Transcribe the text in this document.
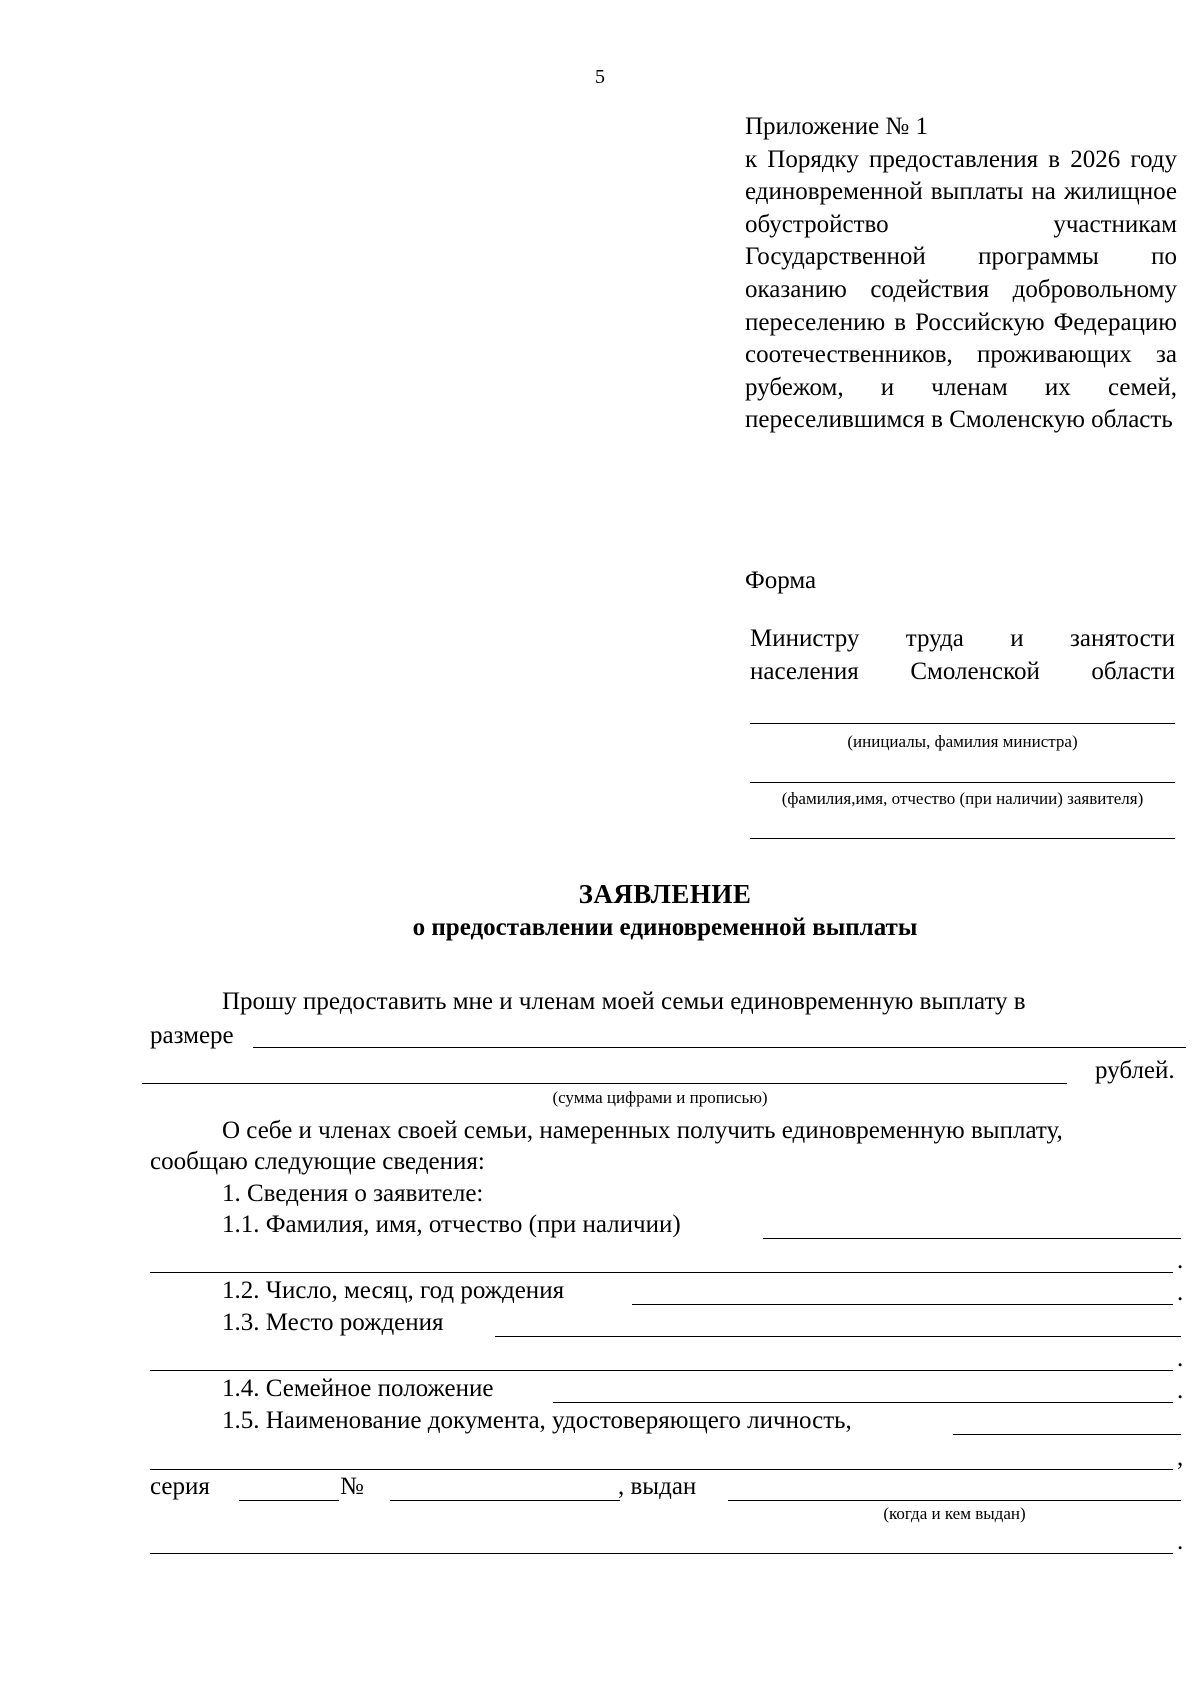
5
Приложение № 1
к Порядку предоставления в 2026 году единовременной выплаты на жилищное обустройство участникам Государственной программы по оказанию содействия добровольному переселению в Российскую Федерацию соотечественников, проживающих за рубежом, и членам их семей, переселившимся в Смоленскую область
Форма
Министру труда и занятости
населения Смоленской области
(инициалы, фамилия министра)
(фамилия,имя, отчество (при наличии) заявителя)
ЗАЯВЛЕНИЕ
о предоставлении единовременной выплаты
Прошу предоставить мне и членам моей семьи единовременную выплату в
размере
рублей.
(сумма цифрами и прописью)
О себе и членах своей семьи, намеренных получить единовременную выплату,
сообщаю следующие сведения:
1. Сведения о заявителе:
1.1. Фамилия, имя, отчество (при наличии)
.
1.2. Число, месяц, год рождения	.
1.3. Место рождения
.
1.4. Семейное положение	.
1.5. Наименование документа, удостоверяющего личность,
,
серия	№	, выдан
(когда и кем выдан)
.
